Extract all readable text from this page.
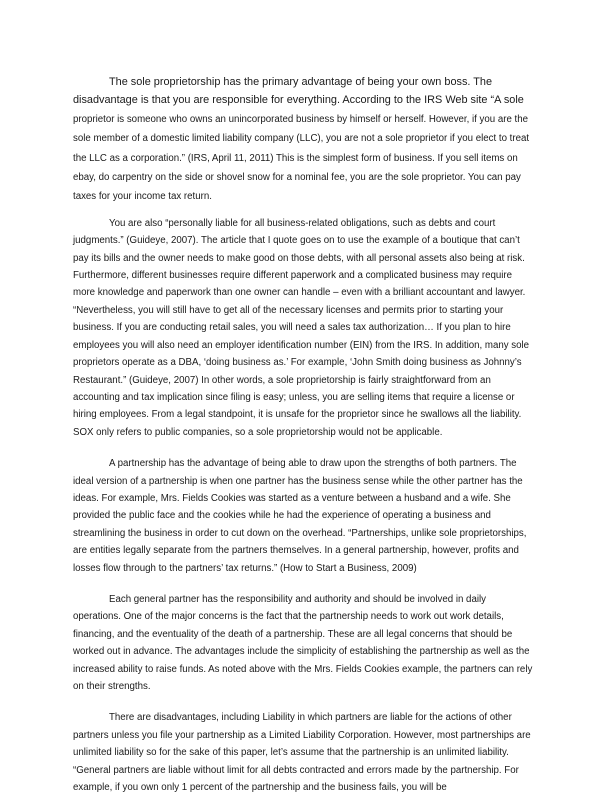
The sole proprietorship has the primary advantage of being your own boss. The disadvantage is that you are responsible for everything. According to the IRS Web site “A sole proprietor is someone who owns an unincorporated business by himself or herself. However, if you are the sole member of a domestic limited liability company (LLC), you are not a sole proprietor if you elect to treat the LLC as a corporation.” (IRS, April 11, 2011) This is the simplest form of business. If you sell items on ebay, do carpentry on the side or shovel snow for a nominal fee, you are the sole proprietor. You can pay taxes for your income tax return.

You are also “personally liable for all business-related obligations, such as debts and court judgments.” (Guideye, 2007). The article that I quote goes on to use the example of a boutique that can’t pay its bills and the owner needs to make good on those debts, with all personal assets also being at risk. Furthermore, different businesses require different paperwork and a complicated business may require more knowledge and paperwork than one owner can handle – even with a brilliant accountant and lawyer. “Nevertheless, you will still have to get all of the necessary licenses and permits prior to starting your business. If you are conducting retail sales, you will need a sales tax authorization… If you plan to hire employees you will also need an employer identification number (EIN) from the IRS. In addition, many sole proprietors operate as a DBA, ‘doing business as.’ For example, ‘John Smith doing business as Johnny’s Restaurant.” (Guideye, 2007) In other words, a sole proprietorship is fairly straightforward from an accounting and tax implication since filing is easy; unless, you are selling items that require a license or hiring employees. From a legal standpoint, it is unsafe for the proprietor since he swallows all the liability. SOX only refers to public companies, so a sole proprietorship would not be applicable.

A partnership has the advantage of being able to draw upon the strengths of both partners. The ideal version of a partnership is when one partner has the business sense while the other partner has the ideas. For example, Mrs. Fields Cookies was started as a venture between a husband and a wife. She provided the public face and the cookies while he had the experience of operating a business and streamlining the business in order to cut down on the overhead. “Partnerships, unlike sole proprietorships, are entities legally separate from the partners themselves. In a general partnership, however, profits and losses flow through to the partners’ tax returns.” (How to Start a Business, 2009)

Each general partner has the responsibility and authority and should be involved in daily operations. One of the major concerns is the fact that the partnership needs to work out work details, financing, and the eventuality of the death of a partnership. These are all legal concerns that should be worked out in advance. The advantages include the simplicity of establishing the partnership as well as the increased ability to raise funds. As noted above with the Mrs. Fields Cookies example, the partners can rely on their strengths.

There are disadvantages, including Liability in which partners are liable for the actions of other partners unless you file your partnership as a Limited Liability Corporation. However, most partnerships are unlimited liability so for the sake of this paper, let’s assume that the partnership is an unlimited liability. “General partners are liable without limit for all debts contracted and errors made by the partnership. For example, if you own only 1 percent of the partnership and the business fails, you will be
